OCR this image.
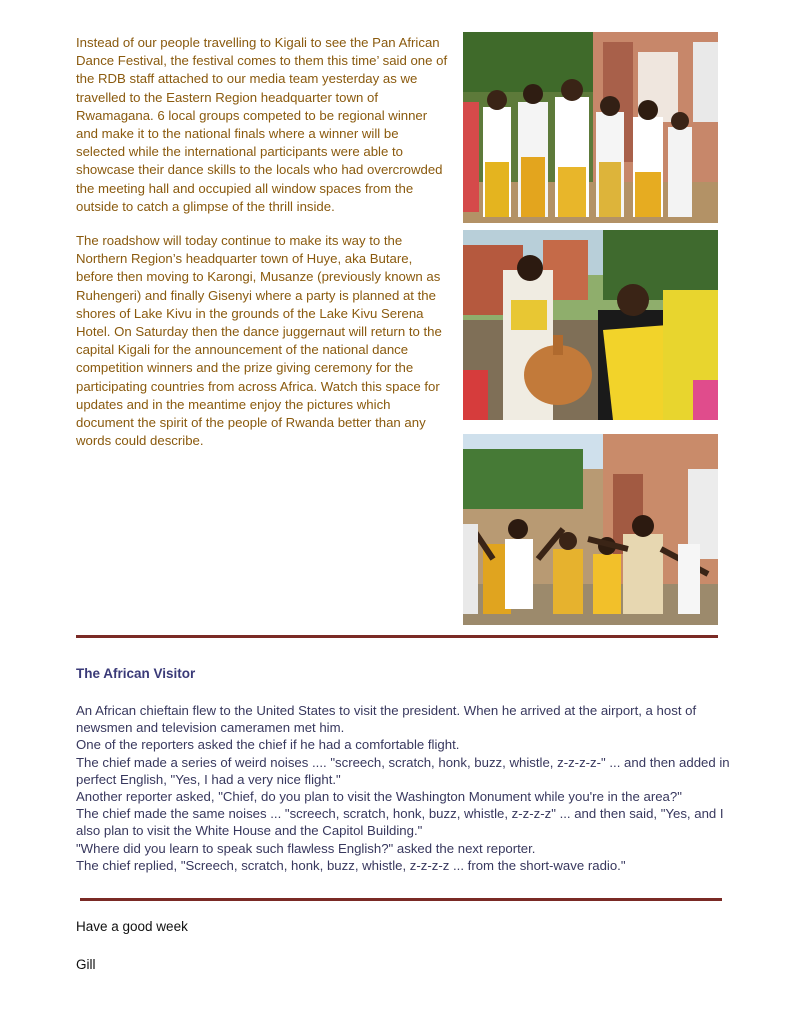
Instead of our people travelling to Kigali to see the Pan African Dance Festival, the festival comes to them this time’ said one of the RDB staff attached to our media team yesterday as we travelled to the Eastern Region headquarter town of Rwamagana. 6 local groups competed to be regional winner and make it to the national finals where a winner will be selected while the international participants were able to showcase their dance skills to the locals who had overcrowded the meeting hall and occupied all window spaces from the outside to catch a glimpse of the thrill inside.

The roadshow will today continue to make its way to the Northern Region’s headquarter town of Huye, aka Butare, before then moving to Karongi, Musanze (previously known as Ruhengeri) and finally Gisenyi where a party is planned at the shores of Lake Kivu in the grounds of the Lake Kivu Serena Hotel. On Saturday then the dance juggernaut will return to the capital Kigali for the announcement of the national dance competition winners and the prize giving ceremony for the participating countries from across Africa. Watch this space for updates and in the meantime enjoy the pictures which document the spirit of the people of Rwanda better than any words could describe.

The African Visitor

An African chieftain flew to the United States to visit the president. When he arrived at the airport, a host of newsmen and television cameramen met him.

One of the reporters asked the chief if he had a comfortable flight.

The chief made a series of weird noises .... "screech, scratch, honk, buzz, whistle, z-z-z-z-" ... and then added in perfect English, "Yes, I had a very nice flight."

Another reporter asked, "Chief, do you plan to visit the Washington Monument while you're in the area?"

The chief made the same noises ... "screech, scratch, honk, buzz, whistle, z-z-z-z" ... and then said, "Yes, and I also plan to visit the White House and the Capitol Building."

"Where did you learn to speak such flawless English?" asked the next reporter.

The chief replied, "Screech, scratch, honk, buzz, whistle, z-z-z-z ... from the short-wave radio."

Have a good week
Gill
